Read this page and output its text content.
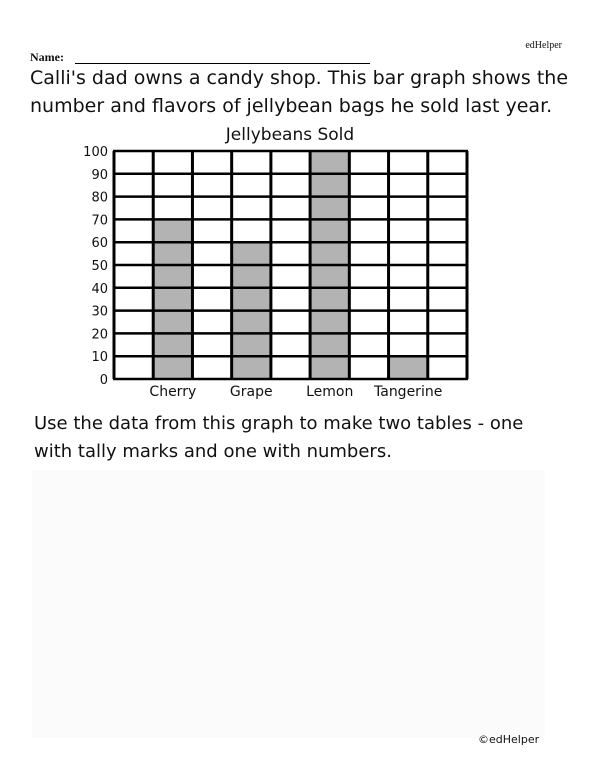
edHelper
Name:
Calli's dad owns a candy shop. This bar graph shows the number and flavors of jellybean bags he sold last year.
Jellybeans Sold
0
10
20
30
40
50
60
70
80
90
100
Cherry Grape Lemon Tangerine
Use the data from this graph to make two tables - one with tally marks and one with numbers.
©edHelper
